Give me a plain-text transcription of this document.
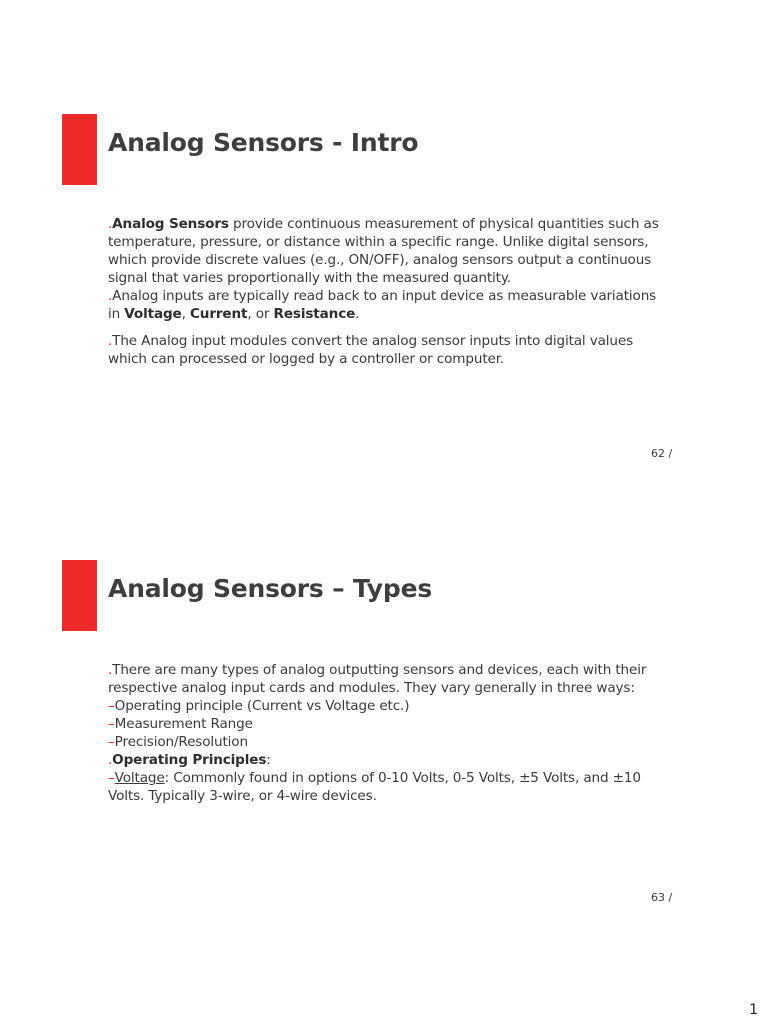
Analog Sensors - Intro

.Analog Sensors provide continuous measurement of physical quantities such as temperature, pressure, or distance within a specific range. Unlike digital sensors, which provide discrete values (e.g., ON/OFF), analog sensors output a continuous signal that varies proportionally with the measured quantity.

.Analog inputs are typically read back to an input device as measurable variations in Voltage, Current, or Resistance.

.The Analog input modules convert the analog sensor inputs into digital values which can processed or logged by a controller or computer.

62 /
Analog Sensors – Types

.There are many types of analog outputting sensors and devices, each with their respective analog input cards and modules. They vary generally in three ways:

–Operating principle (Current vs Voltage etc.)

–Measurement Range

–Precision/Resolution

.Operating Principles:

–Voltage: Commonly found in options of 0-10 Volts, 0-5 Volts, ±5 Volts, and ±10 Volts. Typically 3-wire, or 4-wire devices.

63 /
1
